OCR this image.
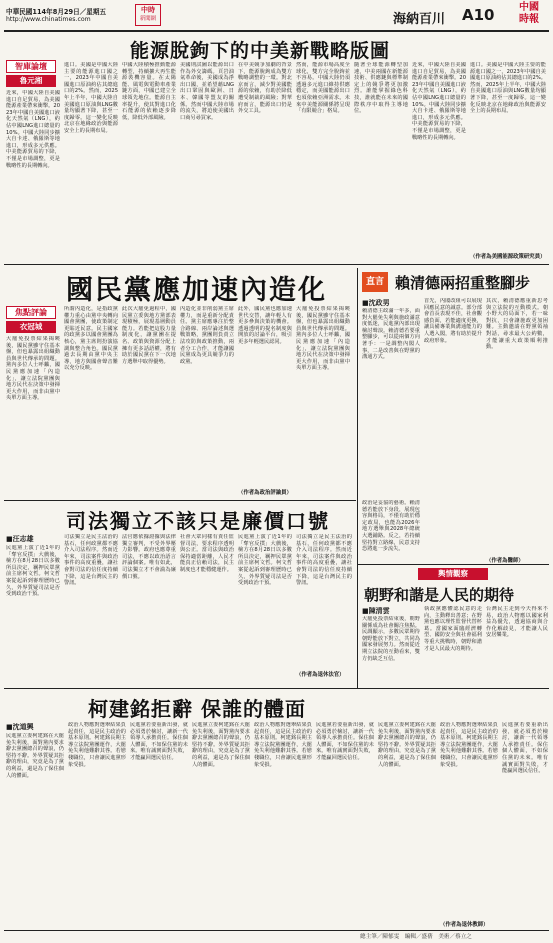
中華民國114年8月29日／星期五
http://www.chinatimes.com
中時
新聞網	海納百川 A10	中國
時報
能源脫鉤下的中美新戰略版圖
智庫論壇
魯元湘
近來，中國大陸自美國進口自足貿易，為美國能源產業帶來衝擊。2023年中國自美國進口液化天然氣（LNG），約佔中國LNG進口總量的10%。中國大陸同步擴大自卡達、俄羅斯等地進口，形成多元供應。中美能源貿易的下降，不僅是市場調整，更是戰略性的長期轉向。
進口。美國是中國大陸主要的能源進口國之一，2023年中國自美國進口原油約佔其總進口的2%。然而，2025年上半年，中國大陸自美國進口原油與LNG數量均顯著下降，甚至一度歸零。這一變化反映北京在地緣政治與能源安全上的長期布局。
中國大陸積極推動能源轉型，持續擴大再生能源裝機容量。在太陽能、風電與電動車產業鏈方面，中國已建立全球領先地位。能源自主率提升，使其對進口化石能源的依賴逐步降低，降低外部風險。
美國則試圖以能源出口作為外交籌碼。頁岩油氣革命後，美國成為淨出口國，並希望藉LNG出口鞏固與歐洲、日本、韓國等盟友的關係。然而中國大陸市場的流失，將迫使美國出口商另尋買家。
在中美競爭加劇的背景下，能源脫鉤成為雙方戰略調整的一環。對北京而言，減少對美國能源的依賴，有助於降低遭受制裁的風險；對華府而言，能源出口仍是外交工具。
然而，能源市場高度全球化，雙方完全脫鉤並不容易。中國大陸仍須透過多元進口維持供應穩定，而美國能源出口也須依賴亞洲需求。未來中美能源關係將呈現「有限競合」格局。
隨著全球能源轉型加速，中美兩國在新能源技術、供應鏈與標準制定上的競爭將更加激烈。誰能掌握綠色科技，誰就能在未來的國際秩序中取得主導地位。
近來，中國大陸自美國進口自足貿易，為美國能源產業帶來衝擊。2023年中國自美國進口液化天然氣（LNG），約佔中國LNG進口總量的10%。中國大陸同步擴大自卡達、俄羅斯等地進口，形成多元供應。中美能源貿易的下降，不僅是市場調整，更是戰略性的長期轉向。
進口。美國是中國大陸主要的能源進口國之一，2023年中國自美國進口原油約佔其總進口的2%。然而，2025年上半年，中國大陸自美國進口原油與LNG數量均顯著下降，甚至一度歸零。這一變化反映北京在地緣政治與能源安全上的長期布局。
（作者為美國能源政策研究員）
國民黨應加速內造化
焦點評論
衣冠城
大罷免投票結果揭曉後，國民黨雖守住基本盤，但也暴露出組織動員與世代傳承的問題。黨內多位人士呼籲，國民黨應加速「內造化」，讓立法院黨團與地方民代在決策中發揮更大作用，而非由黨中央單方面主導。
所謂內造化，是指政黨權力重心由黨中央轉向國會黨團，使政策制定更貼近民意。民主國家的政黨多以國會黨團為核心，黨主席則扮演協調與整合角色。國民黨過去長期由黨中央主導，地方與國會聲音難以充分反映。
此次大罷免過程中，國民黨立委與地方黨部表現積極，展現基層動員能力。若能把這股力量制度化，讓黨團在提名、政策與資源分配上擁有更多話語權，將有助於國民黨在下一次地方選舉中取得優勢。
內造化並非削弱黨主席權力，而是重新分配責任。黨主席應專注於整合路線、兩岸論述與選戰策略，黨團則負責立法攻防與政策推動，兩者分工合作，才能讓國民黨成為更具競爭力的政黨。
此外，國民黨也應加速世代交替，讓年輕人有更多參與決策的機會。透過透明的提名制度與開放的討論平台，吸引更多年輕選民認同。
（作者為政治評論員）
大罷免投票結果揭曉後，國民黨雖守住基本盤，但也暴露出組織動員與世代傳承的問題。黨內多位人士呼籲，國民黨應加速「內造化」，讓立法院黨團與地方民代在決策中發揮更大作用，而非由黨中央單方面主導。
直言 賴清德兩招重整腳步
■沈政男
賴清德主政滿一年多，面對大罷免失利與施政滿意度低迷，民進黨內部出現檢討聲浪。賴清德若要重整腳步，可以從兩個方向著手：一是調整內閣人事，二是改善與在野黨的溝通方式。
首先，內閣改組可以展現回應民意的誠意。部分部會首長表現不佳，社會觀感負面，若能適度更換，讓具備專業與溝通能力的人選入閣，將有助於提升政府形象。
其次，賴清德應重新思考與立法院的互動模式。朝小野大的局面下，若一味對抗，只會讓施政更加困難。主動邀請在野黨領袖對話，尋求最大公約數，才能讓重大政策順利推動。
政治是妥協的藝術。賴清德若能放下身段，展現包容與格局，不僅有助於穩定政局，也能為2026年地方選舉與2028年總統大選鋪路。反之，若持續堅持對立路線，民意支持恐將進一步流失。
（作者為醫師）
司法獨立不該只是廉價口號
■汪志雄
民進黨上演了近1年的「奪官反撲」大戲後，檢方在8月28日以多數所具決定，羈押民眾黨前主席柯文哲。柯文哲案從起訴到審理歷時已久，外界質疑司法是否受到政治干預。
司法獨立是民主法治的基石，任何政黨都不應介入司法程序。然而近年來，司法案件與政治事件的高度重疊，讓社會對司法的信任度持續下降，這是台灣民主的警訊。
法官應依據證據與法律獨立審判，不受外界壓力影響。政府也應尊重司法，不應以政治語言評論個案。唯有如此，司法獨立才不會淪為廉價口號。
社會大眾同樣有責任監督司法，要求程序透明與公正。當司法與政治保持適當距離，人民才能真正信賴司法，民主制度也才能穩健運作。
民進黨上演了近1年的「奪官反撲」大戲後，檢方在8月28日以多數所具決定，羈押民眾黨前主席柯文哲。柯文哲案從起訴到審理歷時已久，外界質疑司法是否受到政治干預。
司法獨立是民主法治的基石，任何政黨都不應介入司法程序。然而近年來，司法案件與政治事件的高度重疊，讓社會對司法的信任度持續下降，這是台灣民主的警訊。
（作者為退休法官）
輿情觀察
朝野和諧是人民的期待
■陳清雲
大罷免投票結束後，朝野關係成為社會關注焦點。民調顯示，多數民眾期待朝野能放下對立，共同為國家發展努力。然而從近期立法院的互動看來，雙方仍缺乏互信。
執政黨應體認民意的走向，主動釋出善意；在野黨也應以理性監督代替杯葛。當國家面臨經濟轉型、國防安全與社會福利等重大挑戰時，朝野和諧才是人民最大的期待。
台灣民主走到今天得來不易，政治人物應以國家利益為優先，透過協商與合作化解歧見，才能讓人民安居樂業。
柯建銘拒辭 保誰的體面
■沈道興
民進黨立委柯建銘在大罷免失利後，面對黨內要求辭去黨團總召的聲浪，仍堅持不辭。外界質疑其拒辭的理由，究竟是為了黨的利益，還是為了保住個人的體面。
政治人物應對選舉結果負起責任，這是民主政治的基本原則。柯建銘長期主導立法院黨團運作，大罷免失利他難辭其咎。若戀棧職位，只會讓民進黨形象受損。
民進黨若要重新出發，就必須勇於檢討，讓新一代領導人承擔責任。保住個人體面，不如保住黨的未來。唯有誠實面對失敗，才能贏回選民信任。
民進黨立委柯建銘在大罷免失利後，面對黨內要求辭去黨團總召的聲浪，仍堅持不辭。外界質疑其拒辭的理由，究竟是為了黨的利益，還是為了保住個人的體面。
政治人物應對選舉結果負起責任，這是民主政治的基本原則。柯建銘長期主導立法院黨團運作，大罷免失利他難辭其咎。若戀棧職位，只會讓民進黨形象受損。
民進黨若要重新出發，就必須勇於檢討，讓新一代領導人承擔責任。保住個人體面，不如保住黨的未來。唯有誠實面對失敗，才能贏回選民信任。
民進黨立委柯建銘在大罷免失利後，面對黨內要求辭去黨團總召的聲浪，仍堅持不辭。外界質疑其拒辭的理由，究竟是為了黨的利益，還是為了保住個人的體面。
政治人物應對選舉結果負起責任，這是民主政治的基本原則。柯建銘長期主導立法院黨團運作，大罷免失利他難辭其咎。若戀棧職位，只會讓民進黨形象受損。
民進黨若要重新出發，就必須勇於檢討，讓新一代領導人承擔責任。保住個人體面，不如保住黨的未來。唯有誠實面對失敗，才能贏回選民信任。
（作者為退休教師）
總主筆／陳郁雯　編輯／盛蒨　美術／蔡立之
